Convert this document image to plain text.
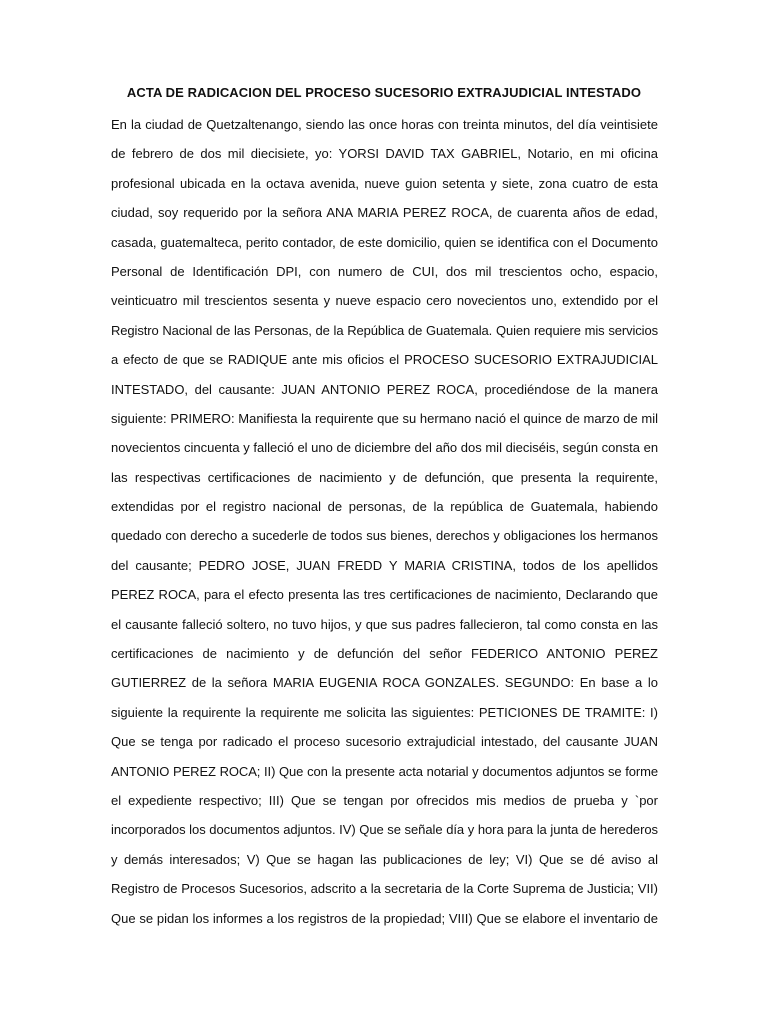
ACTA DE RADICACION DEL PROCESO SUCESORIO EXTRAJUDICIAL INTESTADO
En la ciudad de Quetzaltenango, siendo las once horas con treinta minutos, del día veintisiete
de febrero de dos mil diecisiete, yo: YORSI DAVID TAX GABRIEL, Notario, en mi oficina
profesional ubicada en la octava avenida, nueve guion setenta y siete, zona cuatro de esta
ciudad, soy requerido por la señora ANA MARIA PEREZ ROCA, de cuarenta años de edad,
casada, guatemalteca, perito contador, de este domicilio, quien se identifica con el Documento
Personal de Identificación DPI, con numero de CUI, dos mil trescientos ocho, espacio,
veinticuatro mil trescientos sesenta y nueve espacio cero novecientos uno, extendido por el
Registro Nacional de las Personas, de la República de Guatemala. Quien requiere mis servicios
a efecto de que se RADIQUE ante mis oficios el PROCESO SUCESORIO EXTRAJUDICIAL
INTESTADO, del causante: JUAN ANTONIO PEREZ ROCA, procediéndose de la manera
siguiente: PRIMERO: Manifiesta la requirente que su hermano nació el quince de marzo de mil
novecientos cincuenta y falleció el uno de diciembre del año dos mil dieciséis, según consta en
las respectivas certificaciones de nacimiento y de defunción, que presenta la requirente,
extendidas por el registro nacional de personas, de la república de Guatemala, habiendo
quedado con derecho a sucederle de todos sus bienes, derechos y obligaciones los hermanos
del causante; PEDRO JOSE, JUAN FREDD Y MARIA CRISTINA, todos de los apellidos
PEREZ ROCA, para el efecto presenta las tres certificaciones de nacimiento, Declarando que
el causante falleció soltero, no tuvo hijos, y que sus padres fallecieron, tal como consta en las
certificaciones de nacimiento y de defunción del señor FEDERICO ANTONIO PEREZ
GUTIERREZ de la señora MARIA EUGENIA ROCA GONZALES. SEGUNDO: En base a lo
siguiente la requirente la requirente me solicita las siguientes: PETICIONES DE TRAMITE: I)
Que se tenga por radicado el proceso sucesorio extrajudicial intestado, del causante JUAN
ANTONIO PEREZ ROCA; II) Que con la presente acta notarial y documentos adjuntos se forme
el expediente respectivo; III) Que se tengan por ofrecidos mis medios de prueba y `por
incorporados los documentos adjuntos. IV) Que se señale día y hora para la junta de herederos
y demás interesados; V) Que se hagan las publicaciones de ley; VI) Que se dé aviso al
Registro de Procesos Sucesorios, adscrito a la secretaria de la Corte Suprema de Justicia; VII)
Que se pidan los informes a los registros de la propiedad; VIII) Que se elabore el inventario de
